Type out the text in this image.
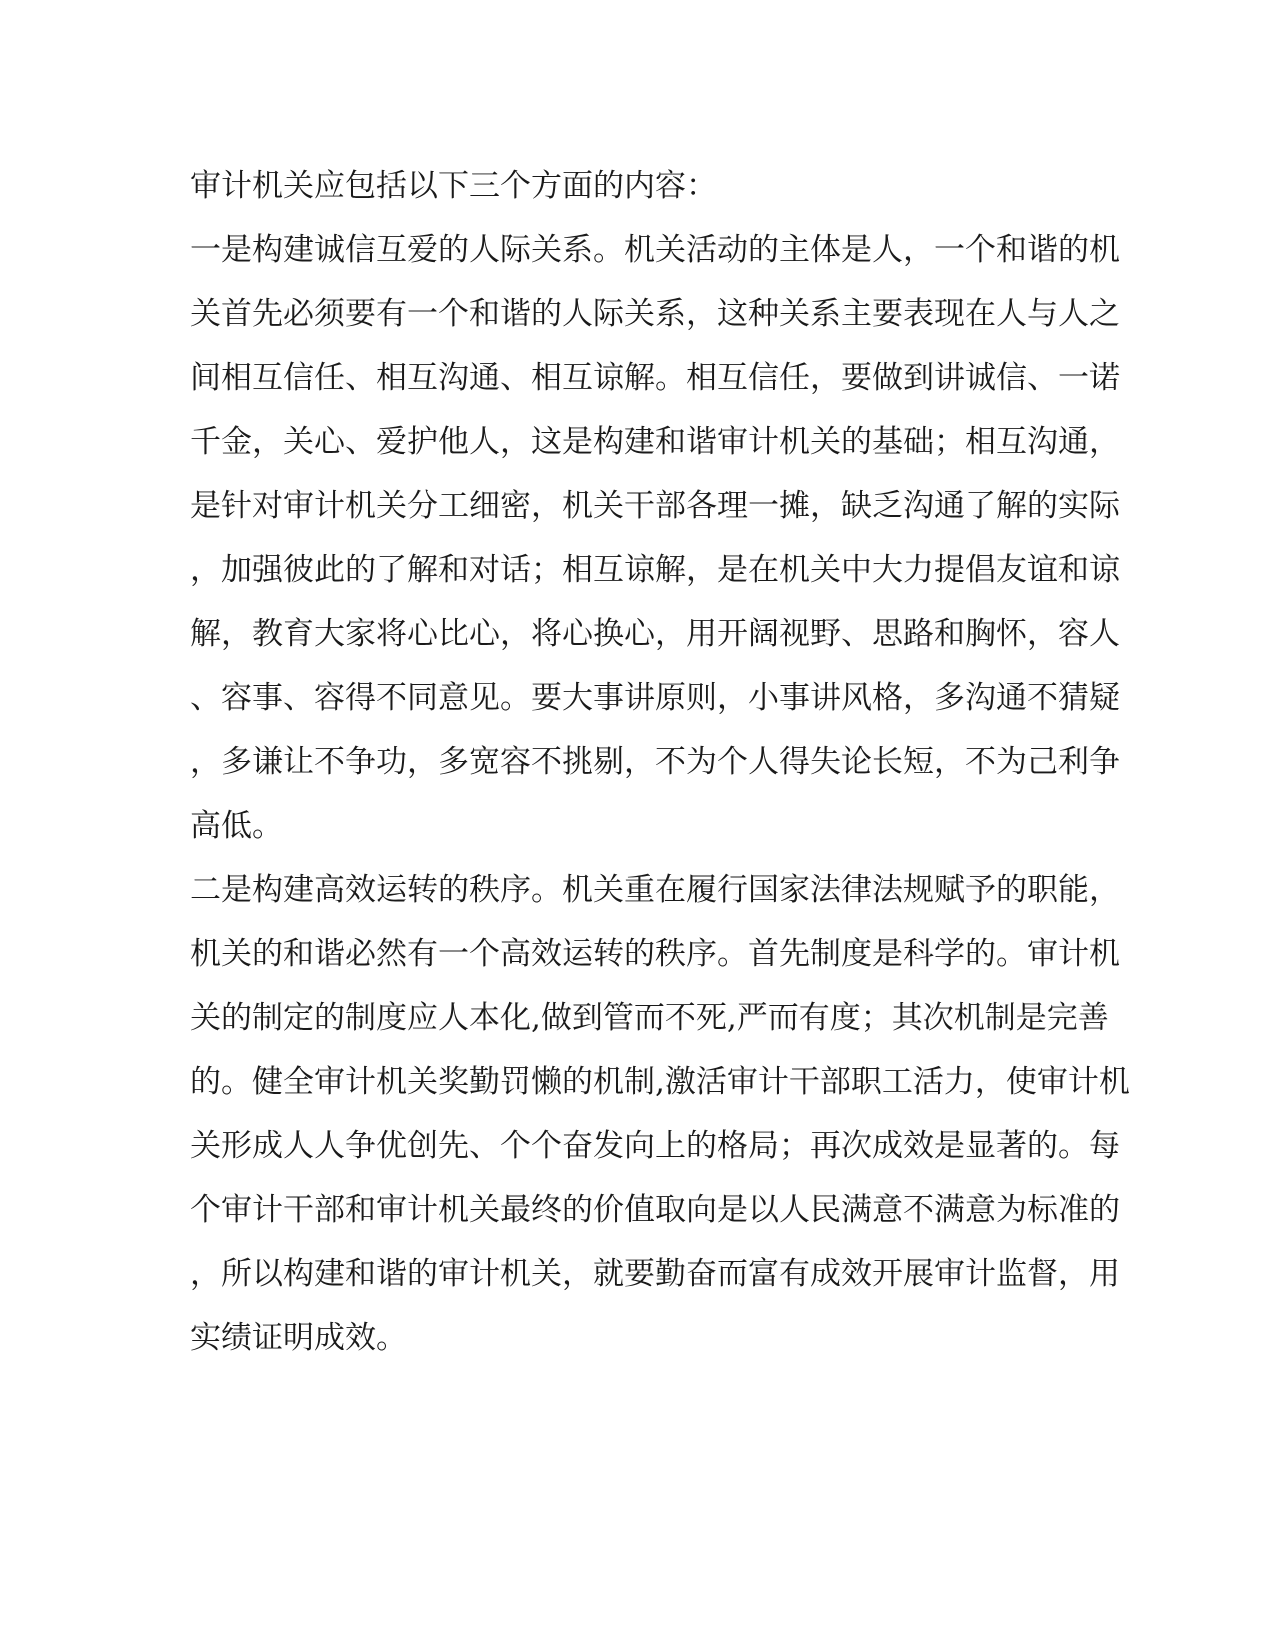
审计机关应包括以下三个方面的内容：
一是构建诚信互爱的人际关系。机关活动的主体是人，一个和谐的机
关首先必须要有一个和谐的人际关系，这种关系主要表现在人与人之
间相互信任、相互沟通、相互谅解。相互信任，要做到讲诚信、一诺
千金，关心、爱护他人，这是构建和谐审计机关的基础；相互沟通，
是针对审计机关分工细密，机关干部各理一摊，缺乏沟通了解的实际
，加强彼此的了解和对话；相互谅解，是在机关中大力提倡友谊和谅
解，教育大家将心比心，将心换心，用开阔视野、思路和胸怀，容人
、容事、容得不同意见。要大事讲原则，小事讲风格，多沟通不猜疑
，多谦让不争功，多宽容不挑剔，不为个人得失论长短，不为己利争
高低。
二是构建高效运转的秩序。机关重在履行国家法律法规赋予的职能，
机关的和谐必然有一个高效运转的秩序。首先制度是科学的。审计机
关的制定的制度应人本化,做到管而不死,严而有度；其次机制是完善
的。健全审计机关奖勤罚懒的机制,激活审计干部职工活力，使审计机
关形成人人争优创先、个个奋发向上的格局；再次成效是显著的。每
个审计干部和审计机关最终的价值取向是以人民满意不满意为标准的
，所以构建和谐的审计机关，就要勤奋而富有成效开展审计监督，用
实绩证明成效。
